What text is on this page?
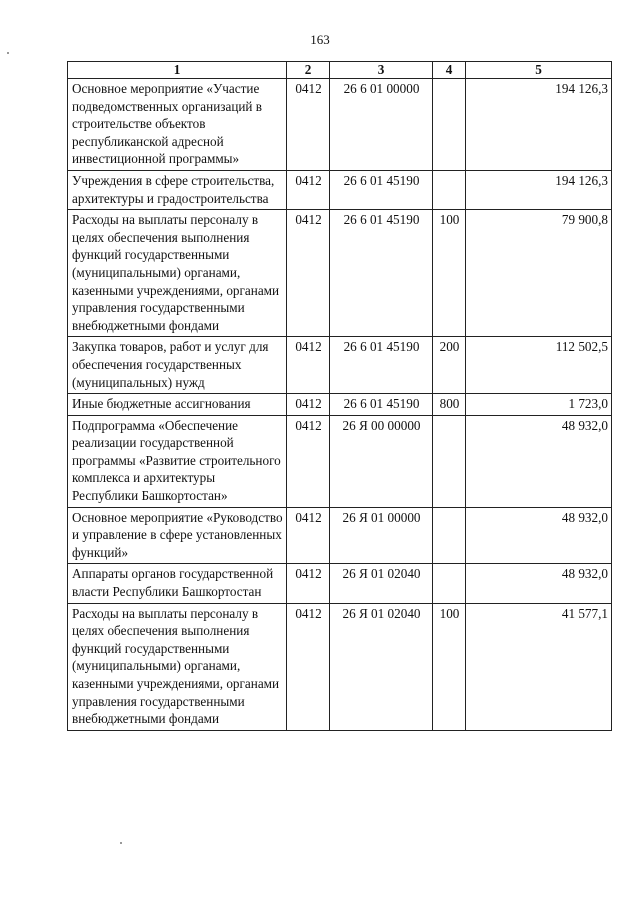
163
1	2	3	4	5
Основное мероприятие «Участие подведомственных организаций в строительстве объектов республиканской адресной инвестиционной программы»	0412	26 6 01 00000		194 126,3
Учреждения в сфере строительства, архитектуры и градостроительства	0412	26 6 01 45190		194 126,3
Расходы на выплаты персоналу в целях обеспечения выполнения функций государственными (муниципальными) органами, казенными учреждениями, органами управления государственными внебюджетными фондами	0412	26 6 01 45190	100	79 900,8
Закупка товаров, работ и услуг для обеспечения государственных (муниципальных) нужд	0412	26 6 01 45190	200	112 502,5
Иные бюджетные ассигнования	0412	26 6 01 45190	800	1 723,0
Подпрограмма «Обеспечение реализации государственной программы «Развитие строительного комплекса и архитектуры Республики Башкортостан»	0412	26 Я 00 00000		48 932,0
Основное мероприятие «Руководство и управление в сфере установленных функций»	0412	26 Я 01 00000		48 932,0
Аппараты органов государственной власти Республики Башкортостан	0412	26 Я 01 02040		48 932,0
Расходы на выплаты персоналу в целях обеспечения выполнения функций государственными (муниципальными) органами, казенными учреждениями, органами управления государственными внебюджетными фондами	0412	26 Я 01 02040	100	41 577,1
